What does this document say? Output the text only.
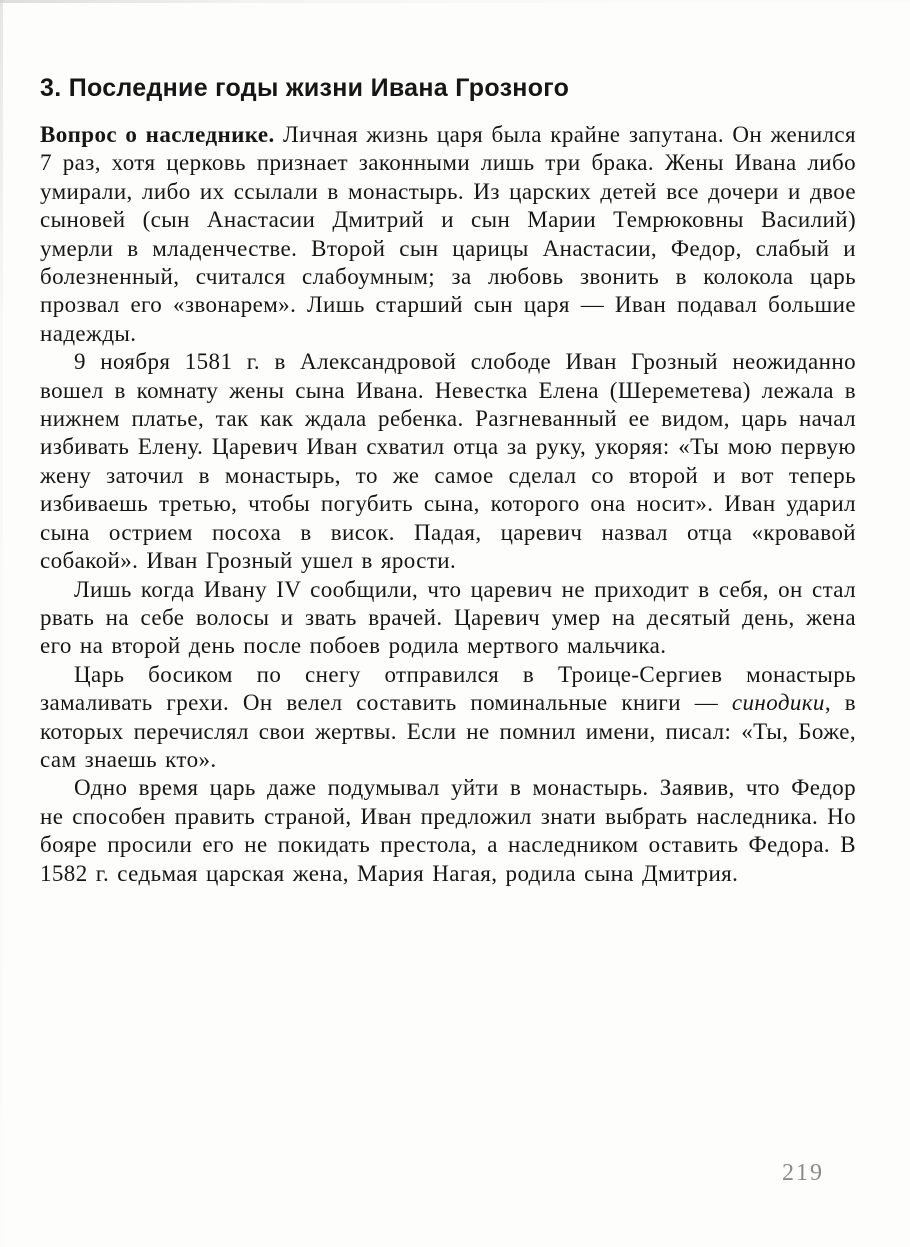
3. Последние годы жизни Ивана Грозного

Вопрос о наследнике. Личная жизнь царя была крайне запутана. Он женился 7 раз, хотя церковь признает законными лишь три брака. Жены Ивана либо умирали, либо их ссылали в монастырь. Из царских детей все дочери и двое сыновей (сын Анастасии Дмитрий и сын Марии Темрюковны Василий) умерли в младенчестве. Второй сын царицы Анастасии, Федор, слабый и болезненный, считался слабоумным; за любовь звонить в колокола царь прозвал его «звонарем». Лишь старший сын царя — Иван подавал большие надежды.

9 ноября 1581 г. в Александровой слободе Иван Грозный неожиданно вошел в комнату жены сына Ивана. Невестка Елена (Шереметева) лежала в нижнем платье, так как ждала ребенка. Разгневанный ее видом, царь начал избивать Елену. Царевич Иван схватил отца за руку, укоряя: «Ты мою первую жену заточил в монастырь, то же самое сделал со второй и вот теперь избиваешь третью, чтобы погубить сына, которого она носит». Иван ударил сына острием посоха в висок. Падая, царевич назвал отца «кровавой собакой». Иван Грозный ушел в ярости.

Лишь когда Ивану IV сообщили, что царевич не приходит в себя, он стал рвать на себе волосы и звать врачей. Царевич умер на десятый день, жена его на второй день после побоев родила мертвого мальчика.

Царь босиком по снегу отправился в Троице-Сергиев монастырь замаливать грехи. Он велел составить поминальные книги — синодики, в которых перечислял свои жертвы. Если не помнил имени, писал: «Ты, Боже, сам знаешь кто».

Одно время царь даже подумывал уйти в монастырь. Заявив, что Федор не способен править страной, Иван предложил знати выбрать наследника. Но бояре просили его не покидать престола, а наследником оставить Федора. В 1582 г. седьмая царская жена, Мария Нагая, родила сына Дмитрия.

219
